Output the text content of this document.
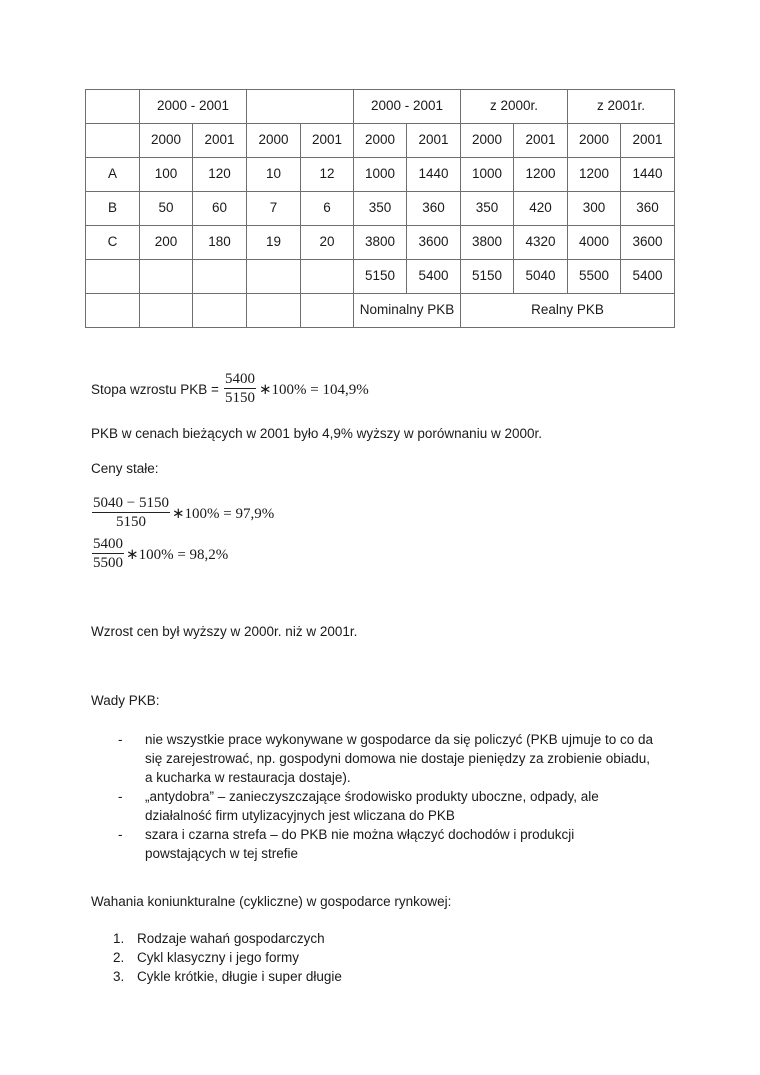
	2000 - 2001				2000 - 2001		z 2000r.		z 2001r.	
	2000	2001	2000	2001	2000	2001	2000	2001	2000	2001
A	100	120	10	12	1000	1440	1000	1200	1200	1440
B	50	60	7	6	350	360	350	420	300	360
C	200	180	19	20	3800	3600	3800	4320	4000	3600
					5150	5400	5150	5040	5500	5400
					Nominalny PKB		Realny PKB			
Stopa wzrostu PKB = $\frac{5400}{5150}$ ∗100% = 104,9%
PKB w cenach bieżących w 2001 było 4,9% wyższy w porównaniu w 2000r.
Ceny stałe:
$\frac{5040 - 5150}{5150}$ ∗100% = 97,9%
$\frac{5400}{5500}$ ∗100% = 98,2%
Wzrost cen był wyższy w 2000r. niż w 2001r.
Wady PKB:
- nie wszystkie prace wykonywane w gospodarce da się policzyć (PKB ujmuje to co da
się zarejestrować, np. gospodyni domowa nie dostaje pieniędzy za zrobienie obiadu,
a kucharka w restauracja dostaje).
- „antydobra” – zanieczyszczające środowisko produkty uboczne, odpady, ale
działalność firm utylizacyjnych jest wliczana do PKB
- szara i czarna strefa – do PKB nie można włączyć dochodów i produkcji
powstających w tej strefie
Wahania koniunkturalne (cykliczne) w gospodarce rynkowej:
1. Rodzaje wahań gospodarczych
2. Cykl klasyczny i jego formy
3. Cykle krótkie, długie i super długie
